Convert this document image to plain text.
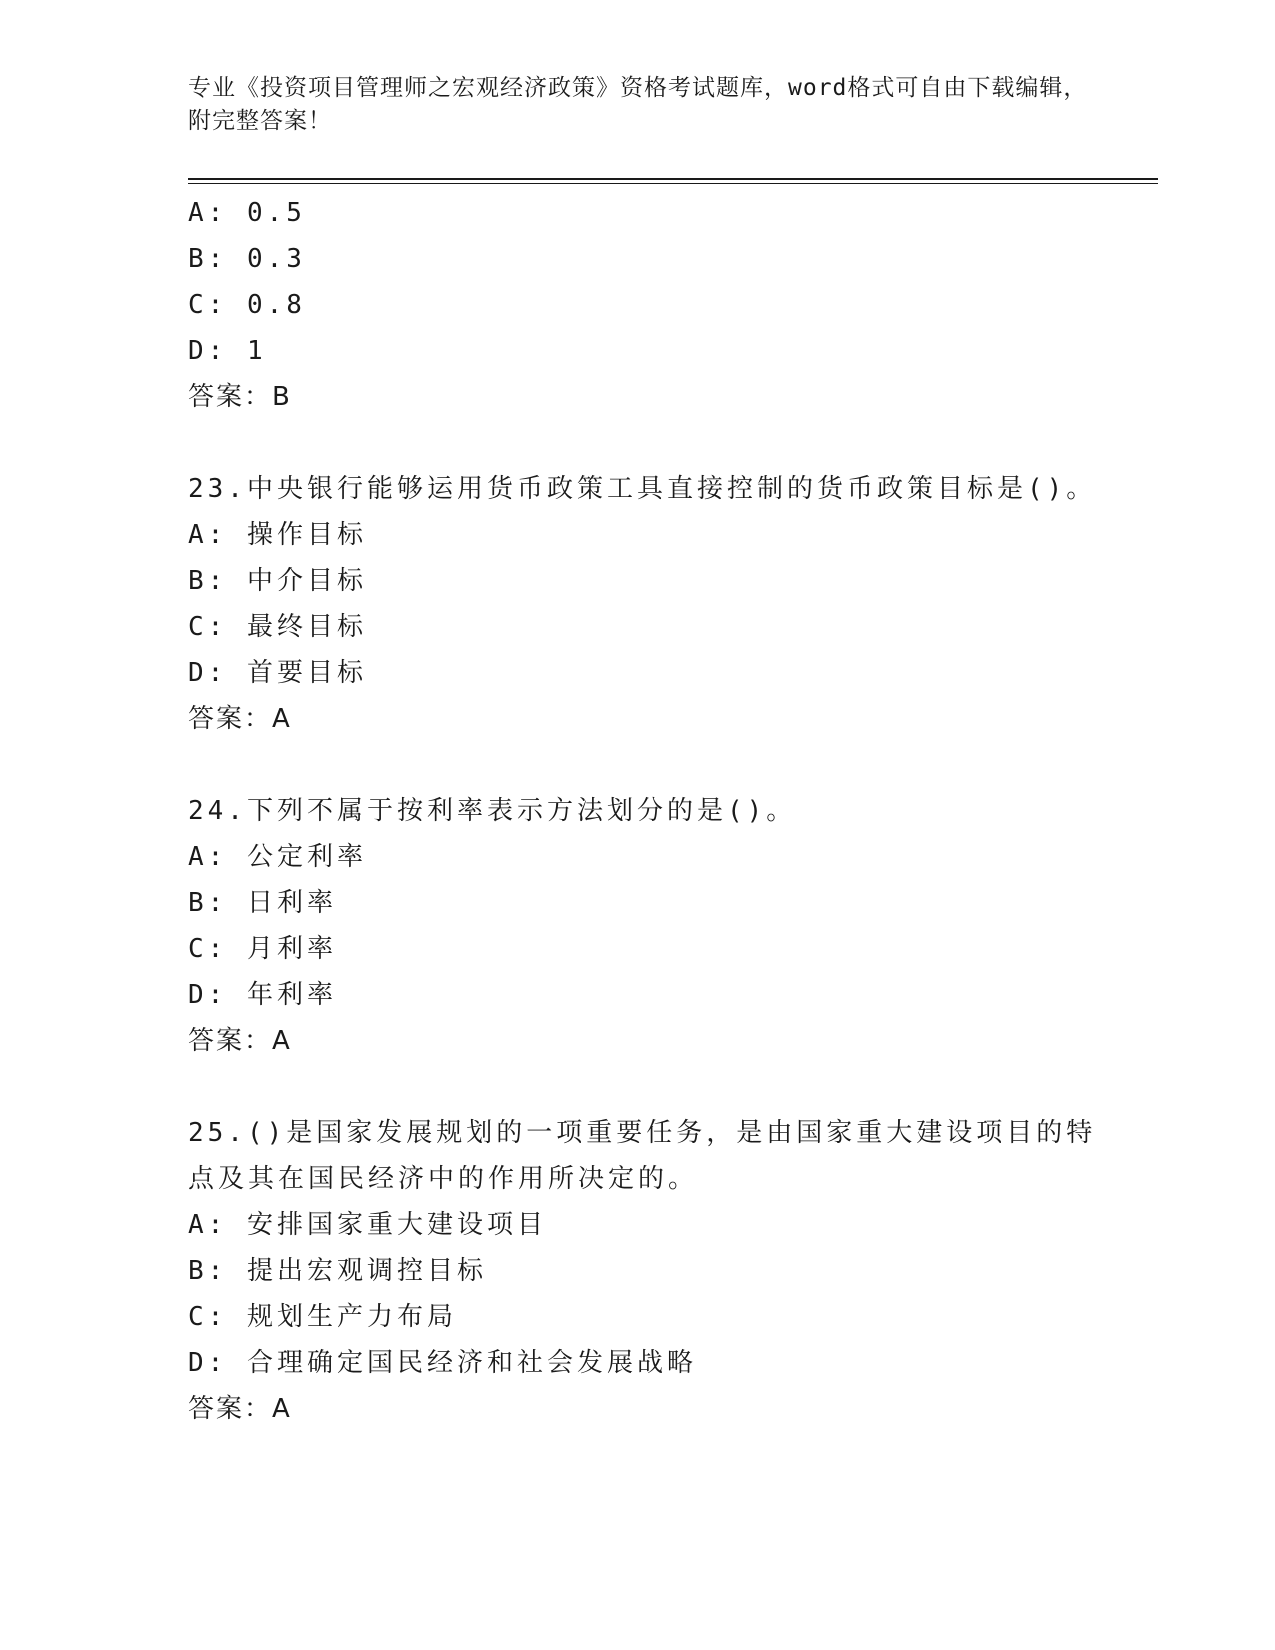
专业《投资项目管理师之宏观经济政策》资格考试题库，word格式可自由下载编辑，附完整答案！
A: 0.5
B: 0.3
C: 0.8
D: 1
答案：B
23.中央银行能够运用货币政策工具直接控制的货币政策目标是()。
A: 操作目标
B: 中介目标
C: 最终目标
D: 首要目标
答案：A
24.下列不属于按利率表示方法划分的是()。
A: 公定利率
B: 日利率
C: 月利率
D: 年利率
答案：A
25.()是国家发展规划的一项重要任务，是由国家重大建设项目的特点及其在国民经济中的作用所决定的。
A: 安排国家重大建设项目
B: 提出宏观调控目标
C: 规划生产力布局
D: 合理确定国民经济和社会发展战略
答案：A
